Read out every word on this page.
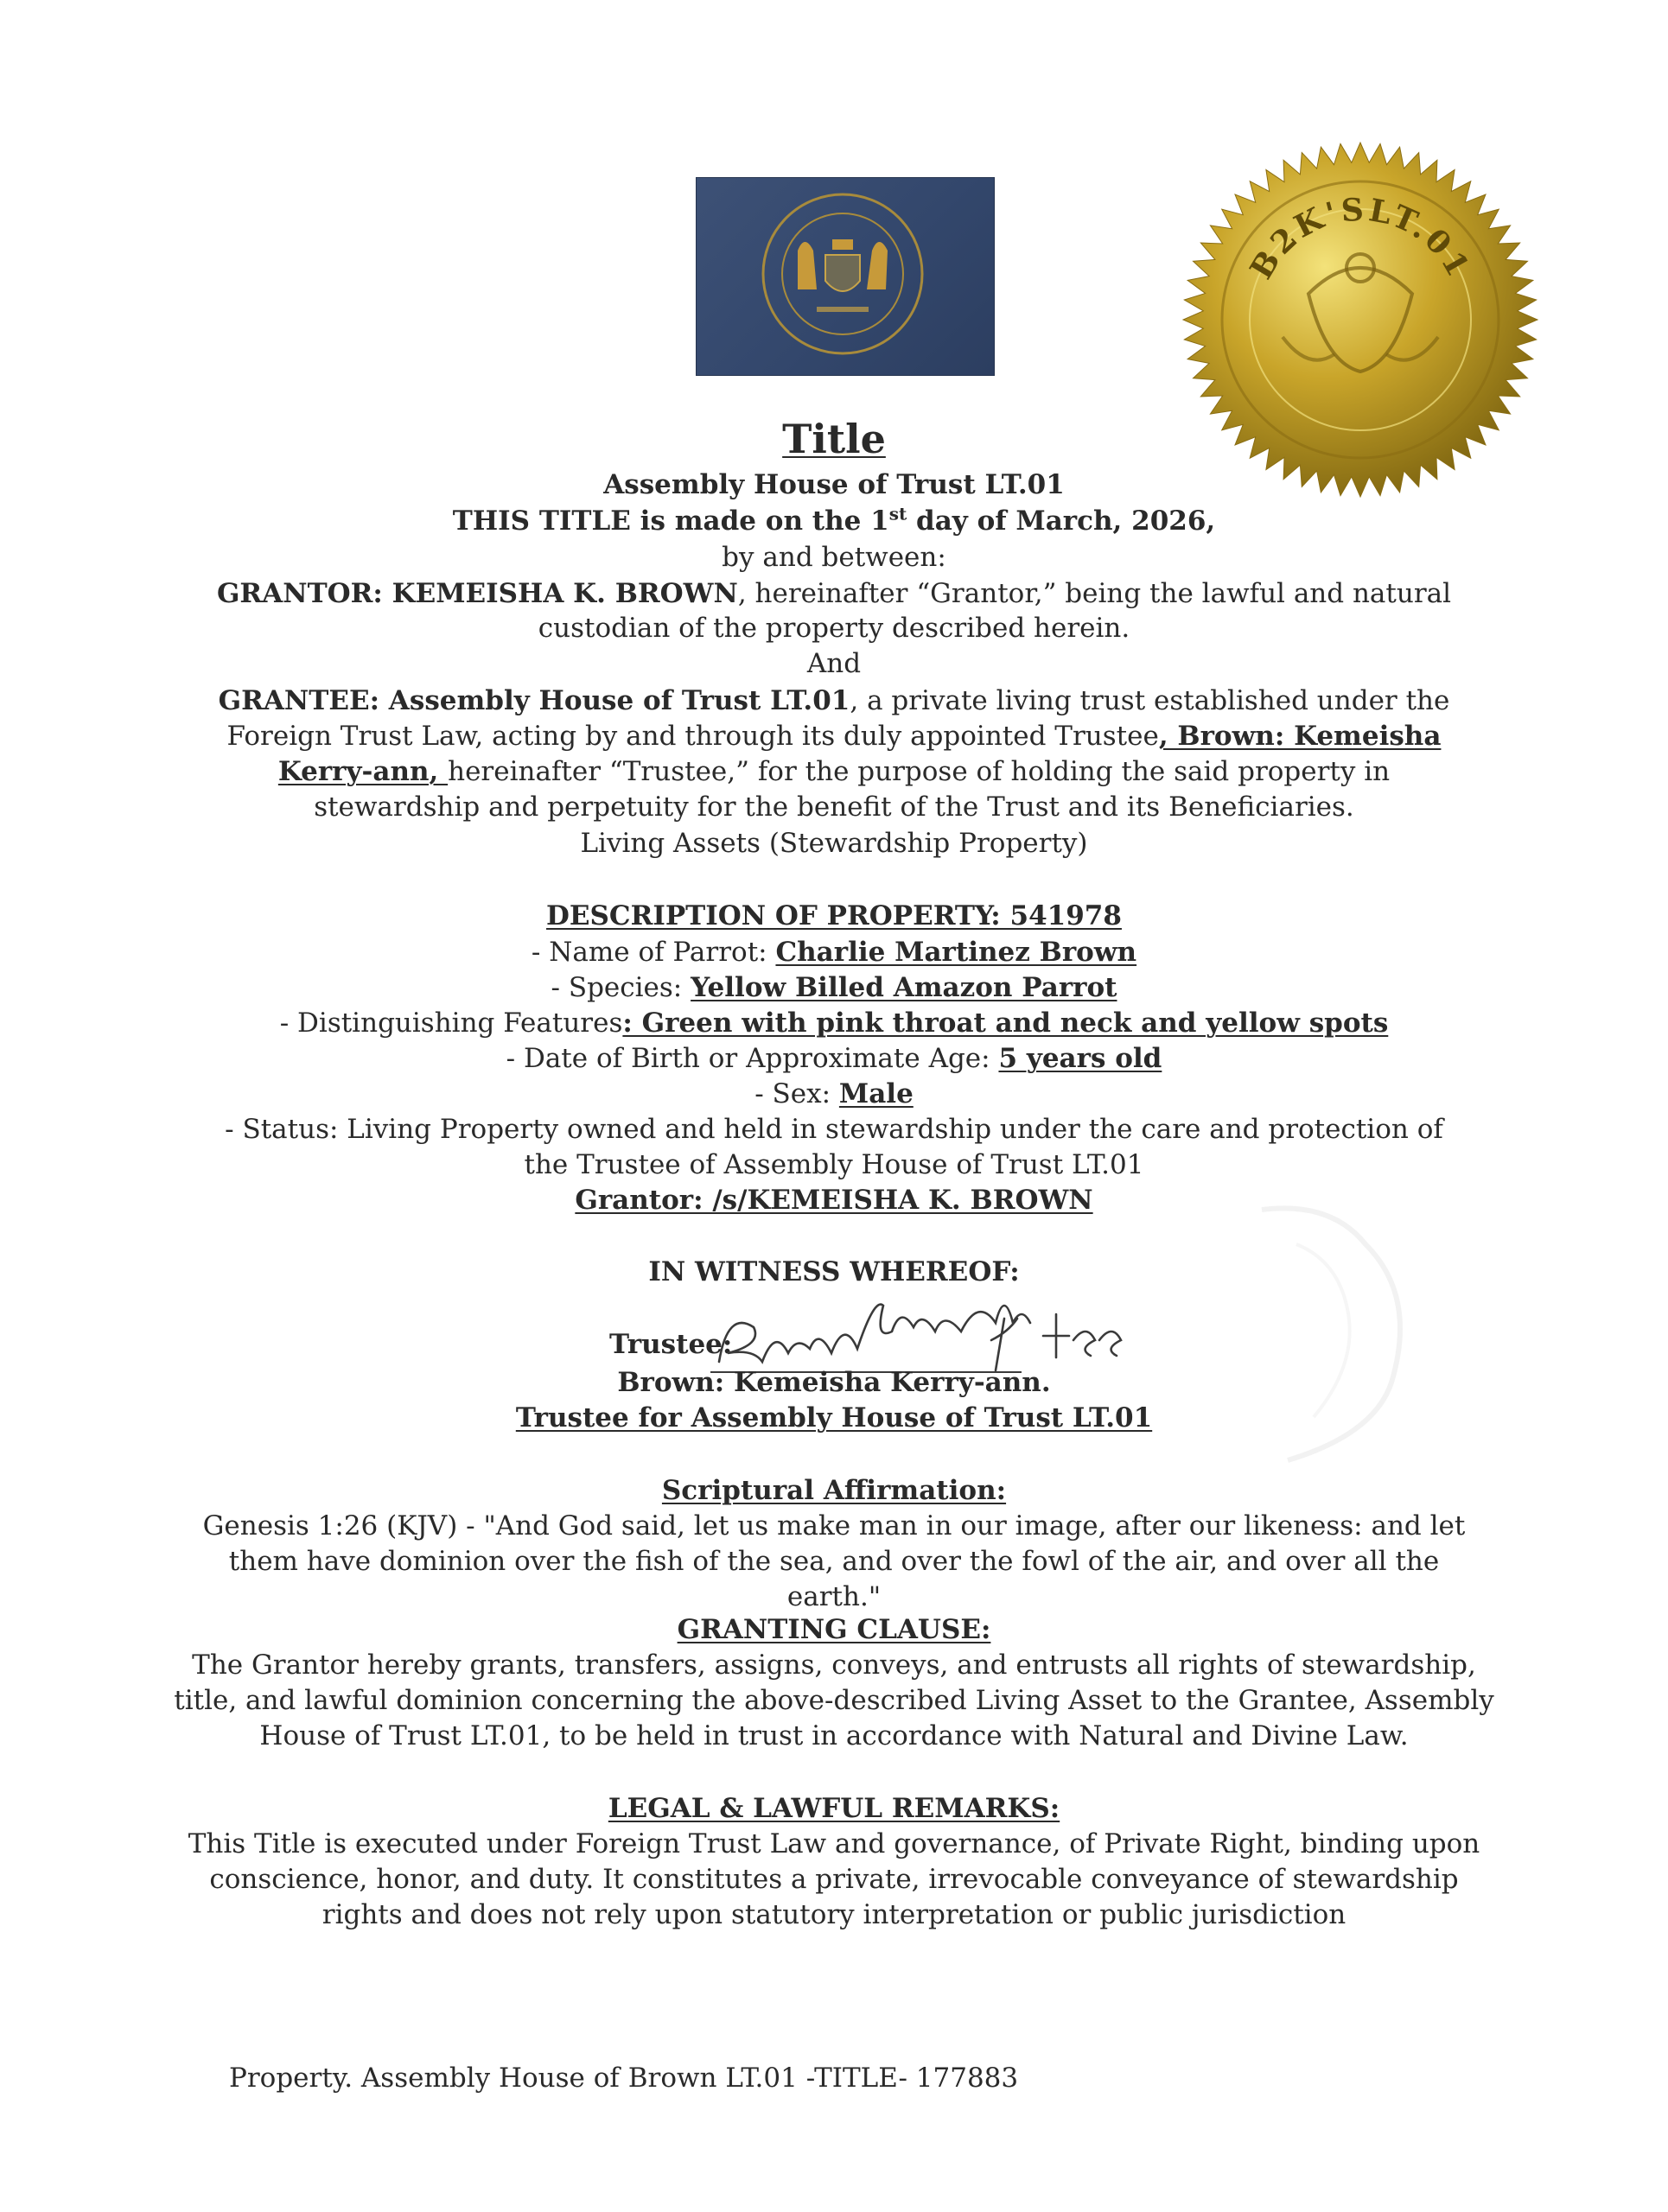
B2K'SLT.01
Title
Assembly House of Trust LT.01
THIS TITLE is made on the 1st day of March, 2026,
by and between:
GRANTOR: KEMEISHA K. BROWN, hereinafter “Grantor,” being the lawful and natural
custodian of the property described herein.
And
GRANTEE: Assembly House of Trust LT.01, a private living trust established under the
Foreign Trust Law, acting by and through its duly appointed Trustee, Brown: Kemeisha
Kerry-ann, hereinafter “Trustee,” for the purpose of holding the said property in
stewardship and perpetuity for the benefit of the Trust and its Beneficiaries.
Living Assets (Stewardship Property)
DESCRIPTION OF PROPERTY: 541978
- Name of Parrot: Charlie Martinez Brown
- Species: Yellow Billed Amazon Parrot
- Distinguishing Features: Green with pink throat and neck and yellow spots
- Date of Birth or Approximate Age: 5 years old
- Sex: Male
- Status: Living Property owned and held in stewardship under the care and protection of
the Trustee of Assembly House of Trust LT.01
Grantor: /s/KEMEISHA K. BROWN
IN WITNESS WHEREOF:
Trustee:
Brown: Kemeisha Kerry-ann.
Trustee for Assembly House of Trust LT.01
Scriptural Affirmation:
Genesis 1:26 (KJV) - "And God said, let us make man in our image, after our likeness: and let
them have dominion over the fish of the sea, and over the fowl of the air, and over all the
earth."
GRANTING CLAUSE:
The Grantor hereby grants, transfers, assigns, conveys, and entrusts all rights of stewardship,
title, and lawful dominion concerning the above-described Living Asset to the Grantee, Assembly
House of Trust LT.01, to be held in trust in accordance with Natural and Divine Law.
LEGAL & LAWFUL REMARKS:
This Title is executed under Foreign Trust Law and governance, of Private Right, binding upon
conscience, honor, and duty. It constitutes a private, irrevocable conveyance of stewardship
rights and does not rely upon statutory interpretation or public jurisdiction
Property. Assembly House of Brown LT.01 -TITLE- 177883
